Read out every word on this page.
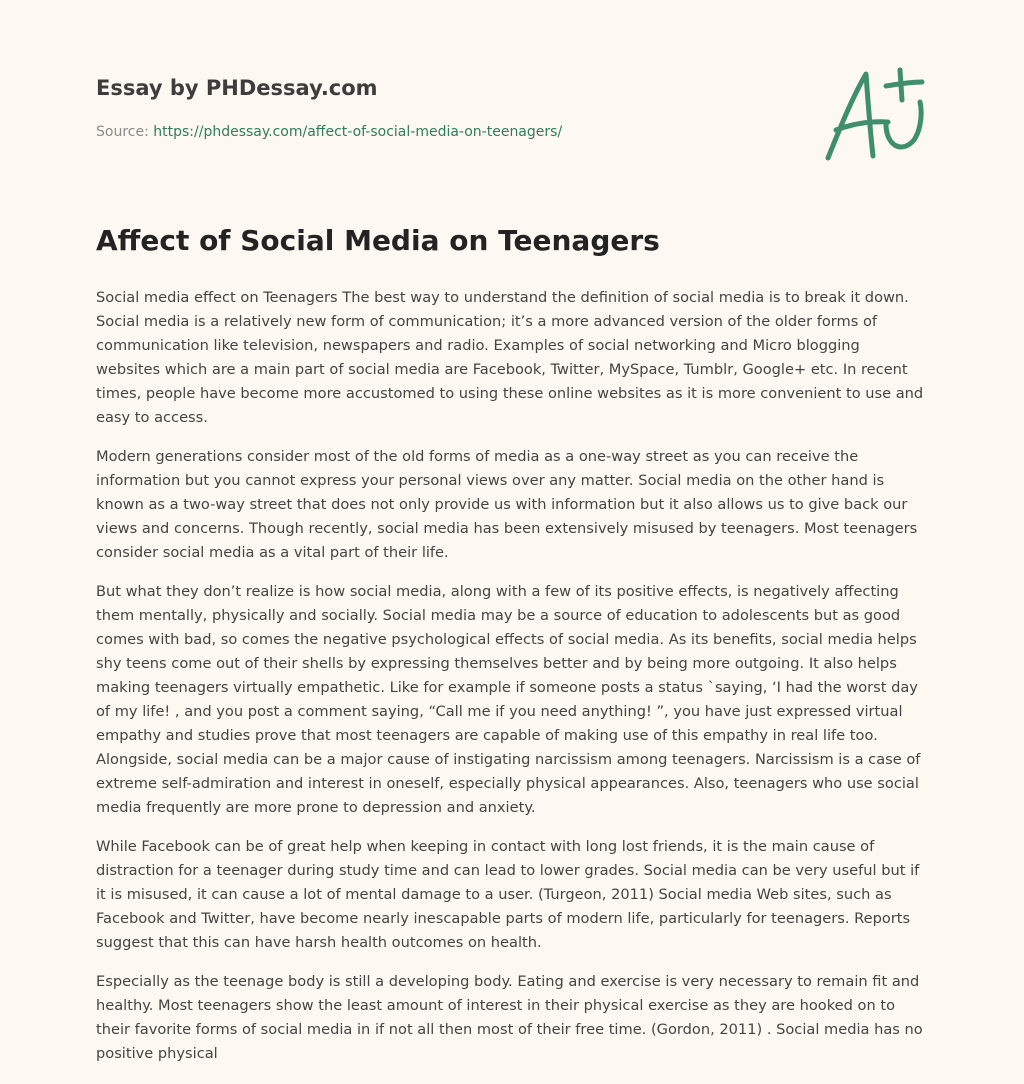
Essay by PHDessay.com
Source: https://phdessay.com/affect-of-social-media-on-teenagers/
Affect of Social Media on Teenagers

Social media effect on Teenagers The best way to understand the definition of social media is to break it down. Social media is a relatively new form of communication; it’s a more advanced version of the older forms of communication like television, newspapers and radio. Examples of social networking and Micro blogging websites which are a main part of social media are Facebook, Twitter, MySpace, Tumblr, Google+ etc. In recent times, people have become more accustomed to using these online websites as it is more convenient to use and easy to access.

Modern generations consider most of the old forms of media as a one-way street as you can receive the information but you cannot express your personal views over any matter. Social media on the other hand is known as a two-way street that does not only provide us with information but it also allows us to give back our views and concerns. Though recently, social media has been extensively misused by teenagers. Most teenagers consider social media as a vital part of their life.

But what they don’t realize is how social media, along with a few of its positive effects, is negatively affecting them mentally, physically and socially. Social media may be a source of education to adolescents but as good comes with bad, so comes the negative psychological effects of social media. As its benefits, social media helps shy teens come out of their shells by expressing themselves better and by being more outgoing. It also helps making teenagers virtually empathetic. Like for example if someone posts a status `saying, ‘I had the worst day of my life! , and you post a comment saying, “Call me if you need anything! ”, you have just expressed virtual empathy and studies prove that most teenagers are capable of making use of this empathy in real life too. Alongside, social media can be a major cause of instigating narcissism among teenagers. Narcissism is a case of extreme self-admiration and interest in oneself, especially physical appearances. Also, teenagers who use social media frequently are more prone to depression and anxiety.

While Facebook can be of great help when keeping in contact with long lost friends, it is the main cause of distraction for a teenager during study time and can lead to lower grades. Social media can be very useful but if it is misused, it can cause a lot of mental damage to a user. (Turgeon, 2011) Social media Web sites, such as Facebook and Twitter, have become nearly inescapable parts of modern life, particularly for teenagers. Reports suggest that this can have harsh health outcomes on health.

Especially as the teenage body is still a developing body. Eating and exercise is very necessary to remain fit and healthy. Most teenagers show the least amount of interest in their physical exercise as they are hooked on to their favorite forms of social media in if not all then most of their free time. (Gordon, 2011) . Social media has no positive physical
